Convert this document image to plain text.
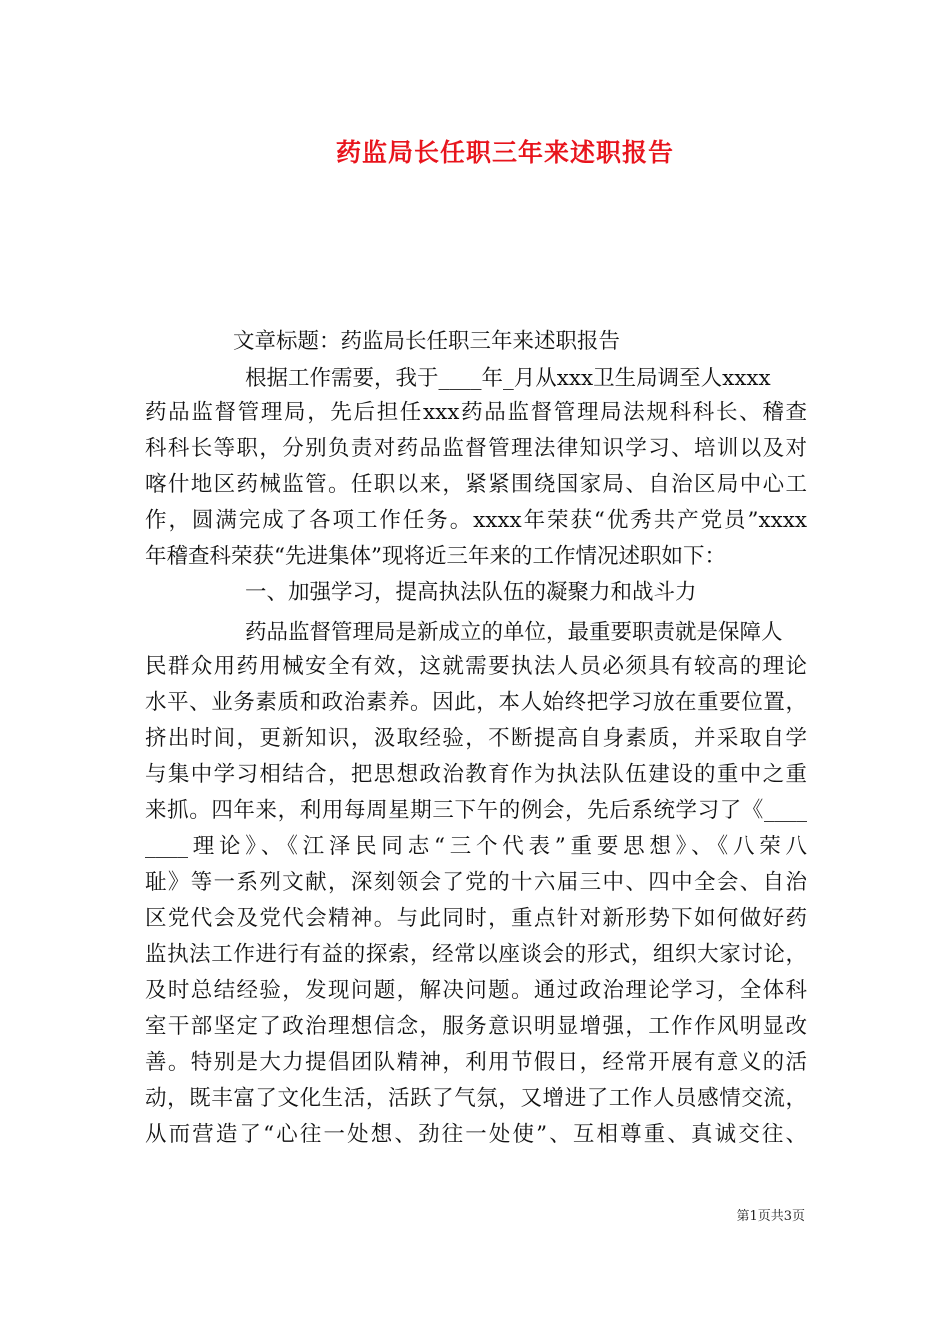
药监局长任职三年来述职报告
文章标题：药监局长任职三年来述职报告
根据工作需要，我于____年_月从xxx卫生局调至人xxxx
药品监督管理局，先后担任xxx药品监督管理局法规科科长、稽查
科科长等职，分别负责对药品监督管理法律知识学习、培训以及对
喀什地区药械监管。任职以来，紧紧围绕国家局、自治区局中心工
作，圆满完成了各项工作任务。xxxx年荣获“优秀共产党员”xxxx
年稽查科荣获“先进集体”现将近三年来的工作情况述职如下：
一、加强学习，提高执法队伍的凝聚力和战斗力
药品监督管理局是新成立的单位，最重要职责就是保障人
民群众用药用械安全有效，这就需要执法人员必须具有较高的理论
水平、业务素质和政治素养。因此，本人始终把学习放在重要位置，
挤出时间，更新知识，汲取经验，不断提高自身素质，并采取自学
与集中学习相结合，把思想政治教育作为执法队伍建设的重中之重
来抓。四年来，利用每周星期三下午的例会，先后系统学习了《____
____理论》、《江泽民同志“三个代表”重要思想》、《八荣八
耻》等一系列文献，深刻领会了党的十六届三中、四中全会、自治
区党代会及党代会精神。与此同时，重点针对新形势下如何做好药
监执法工作进行有益的探索，经常以座谈会的形式，组织大家讨论，
及时总结经验，发现问题，解决问题。通过政治理论学习，全体科
室干部坚定了政治理想信念，服务意识明显增强，工作作风明显改
善。特别是大力提倡团队精神，利用节假日，经常开展有意义的活
动，既丰富了文化生活，活跃了气氛，又增进了工作人员感情交流，
从而营造了“心往一处想、劲往一处使”、互相尊重、真诚交往、
第1页共3页
